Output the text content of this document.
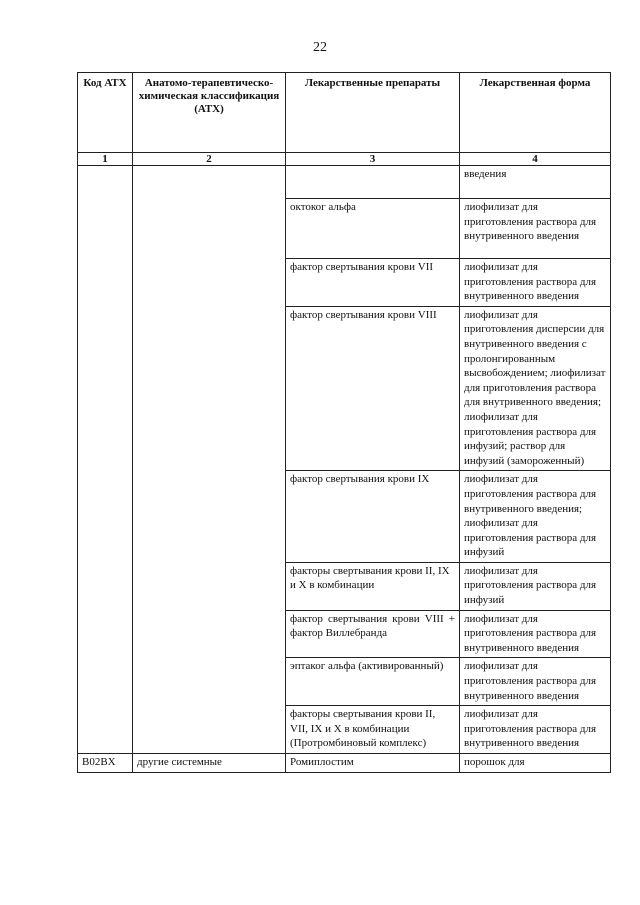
22
Код АТХ	Анатомо-терапевтическо-химическая классификация (АТХ)	Лекарственные препараты	Лекарственная форма
1	2	3	4
			введения
		октоког альфа	лиофилизат для приготовления раствора для внутривенного введения
		фактор свертывания крови VII	лиофилизат для приготовления раствора для внутривенного введения
		фактор свертывания крови VIII	лиофилизат для приготовления дисперсии для внутривенного введения с пролонгированным высвобождением; лиофилизат для приготовления раствора для внутривенного введения; лиофилизат для приготовления раствора для инфузий; раствор для инфузий (замороженный)
		фактор свертывания крови IX	лиофилизат для приготовления раствора для внутривенного введения; лиофилизат для приготовления раствора для инфузий
		факторы свертывания крови II, IX и X в комбинации	лиофилизат для приготовления раствора для инфузий
		фактор свертывания крови VIII + фактор Виллебранда	лиофилизат для приготовления раствора для внутривенного введения
		эптаког альфа (активированный)	лиофилизат для приготовления раствора для внутривенного введения
		факторы свертывания крови II, VII, IX и X в комбинации (Протромбиновый комплекс)	лиофилизат для приготовления раствора для внутривенного введения
B02BX	другие системные	Ромиплостим	порошок для
